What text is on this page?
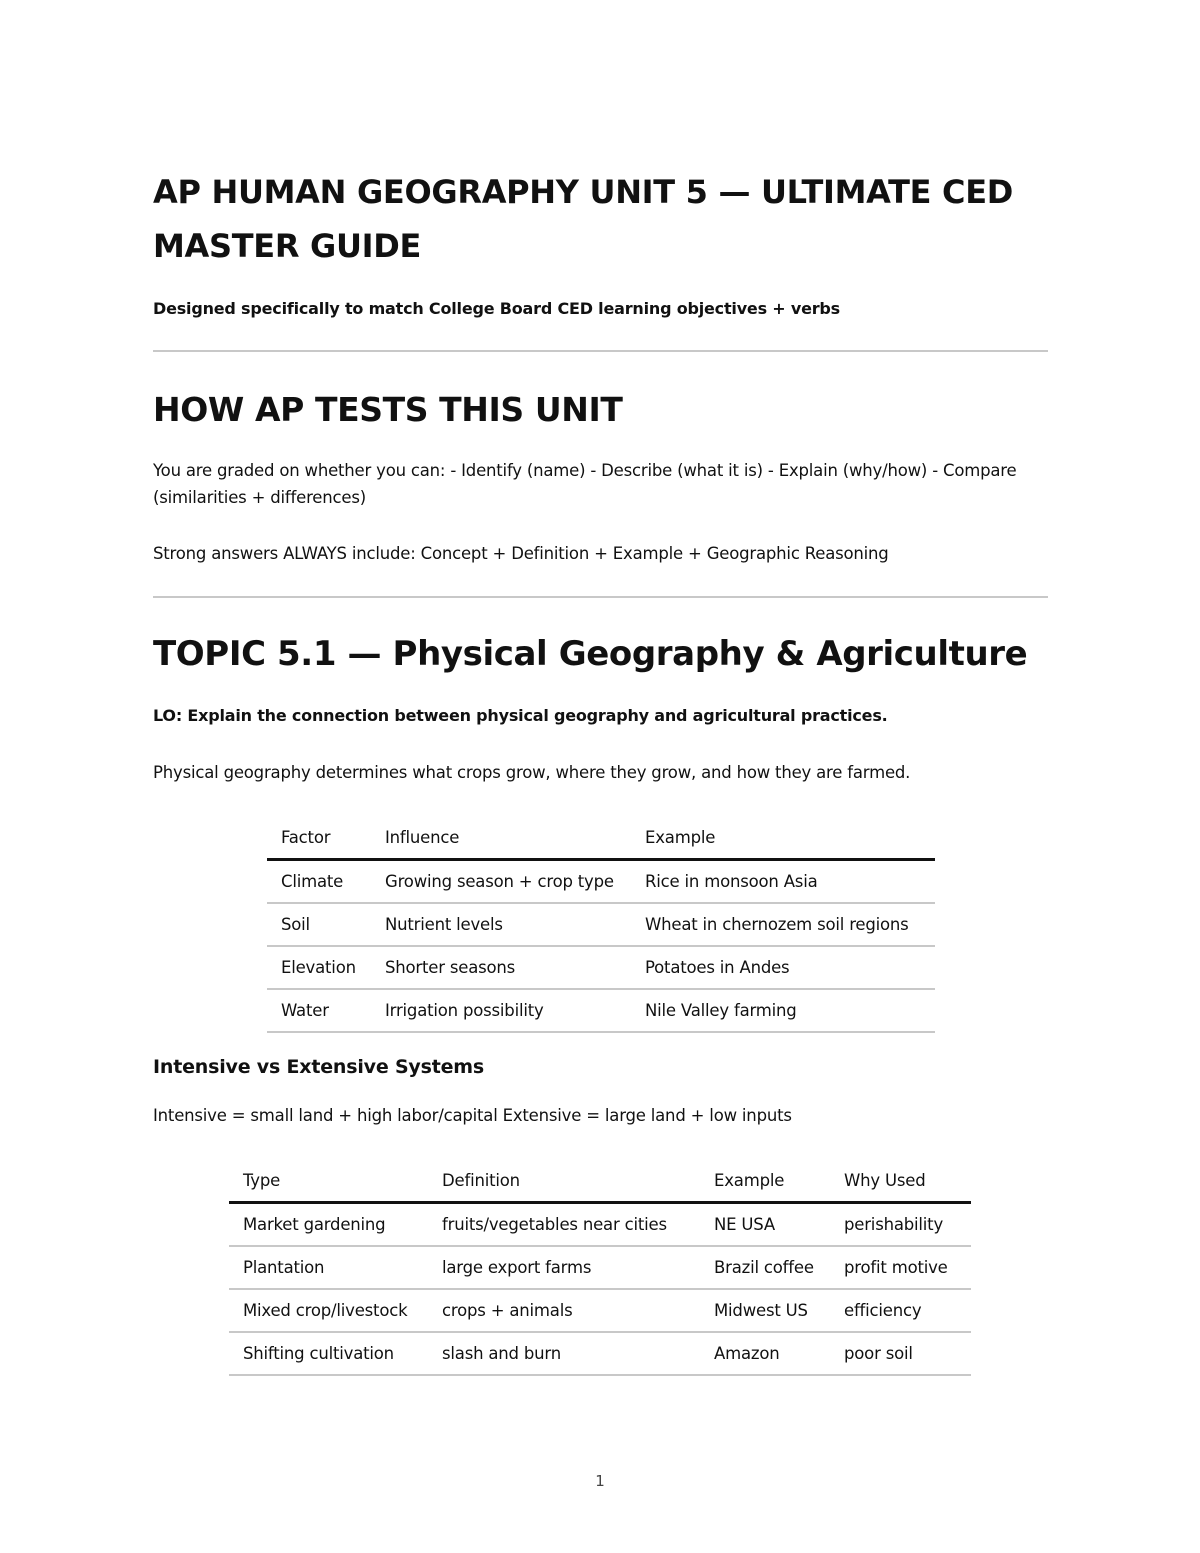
AP HUMAN GEOGRAPHY UNIT 5 — ULTIMATE CED MASTER GUIDE

Designed specifically to match College Board CED learning objectives + verbs

HOW AP TESTS THIS UNIT

You are graded on whether you can: - Identify (name) - Describe (what it is) - Explain (why/how) - Compare (similarities + differences)

Strong answers ALWAYS include: Concept + Definition + Example + Geographic Reasoning

TOPIC 5.1 — Physical Geography & Agriculture

LO: Explain the connection between physical geography and agricultural practices.

Physical geography determines what crops grow, where they grow, and how they are farmed.

Factor	Influence	Example
Climate	Growing season + crop type	Rice in monsoon Asia
Soil	Nutrient levels	Wheat in chernozem soil regions
Elevation	Shorter seasons	Potatoes in Andes
Water	Irrigation possibility	Nile Valley farming
Intensive vs Extensive Systems

Intensive = small land + high labor/capital Extensive = large land + low inputs

Type	Definition	Example	Why Used
Market gardening	fruits/vegetables near cities	NE USA	perishability
Plantation	large export farms	Brazil coffee	profit motive
Mixed crop/livestock	crops + animals	Midwest US	efficiency
Shifting cultivation	slash and burn	Amazon	poor soil
1
